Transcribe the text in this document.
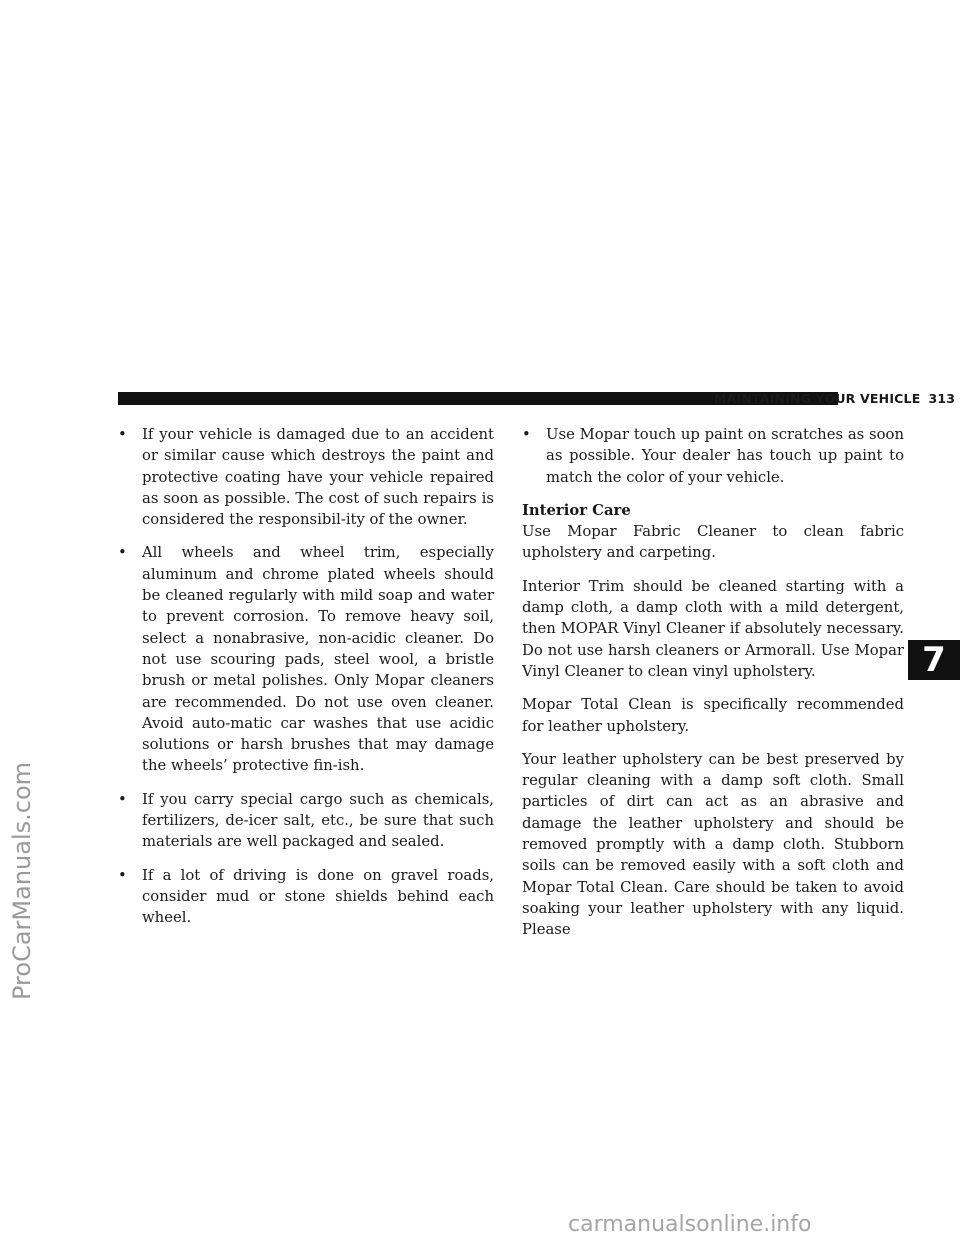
MAINTAINING YOUR VEHICLE 313
• If your vehicle is damaged due to an accident or similar cause which destroys the paint and protective coating have your vehicle repaired as soon as possible. The cost of such repairs is considered the responsibil-ity of the owner.
• All wheels and wheel trim, especially aluminum and chrome plated wheels should be cleaned regularly with mild soap and water to prevent corrosion. To remove heavy soil, select a nonabrasive, non-acidic cleaner. Do not use scouring pads, steel wool, a bristle brush or metal polishes. Only Mopar cleaners are recommended. Do not use oven cleaner. Avoid auto-matic car washes that use acidic solutions or harsh brushes that may damage the wheels’ protective fin-ish.
• If you carry special cargo such as chemicals, fertilizers, de-icer salt, etc., be sure that such materials are well packaged and sealed.
• If a lot of driving is done on gravel roads, consider mud or stone shields behind each wheel.
• Use Mopar touch up paint on scratches as soon as possible. Your dealer has touch up paint to match the color of your vehicle.
Interior Care

Use Mopar Fabric Cleaner to clean fabric upholstery and carpeting.

Interior Trim should be cleaned starting with a damp cloth, a damp cloth with a mild detergent, then MOPAR Vinyl Cleaner if absolutely necessary. Do not use harsh cleaners or Armorall. Use Mopar Vinyl Cleaner to clean vinyl upholstery.

Mopar Total Clean is specifically recommended for leather upholstery.

Your leather upholstery can be best preserved by regular cleaning with a damp soft cloth. Small particles of dirt can act as an abrasive and damage the leather upholstery and should be removed promptly with a damp cloth. Stubborn soils can be removed easily with a soft cloth and Mopar Total Clean. Care should be taken to avoid soaking your leather upholstery with any liquid. Please

7
ProCarManuals.com
carmanualsonline.info
